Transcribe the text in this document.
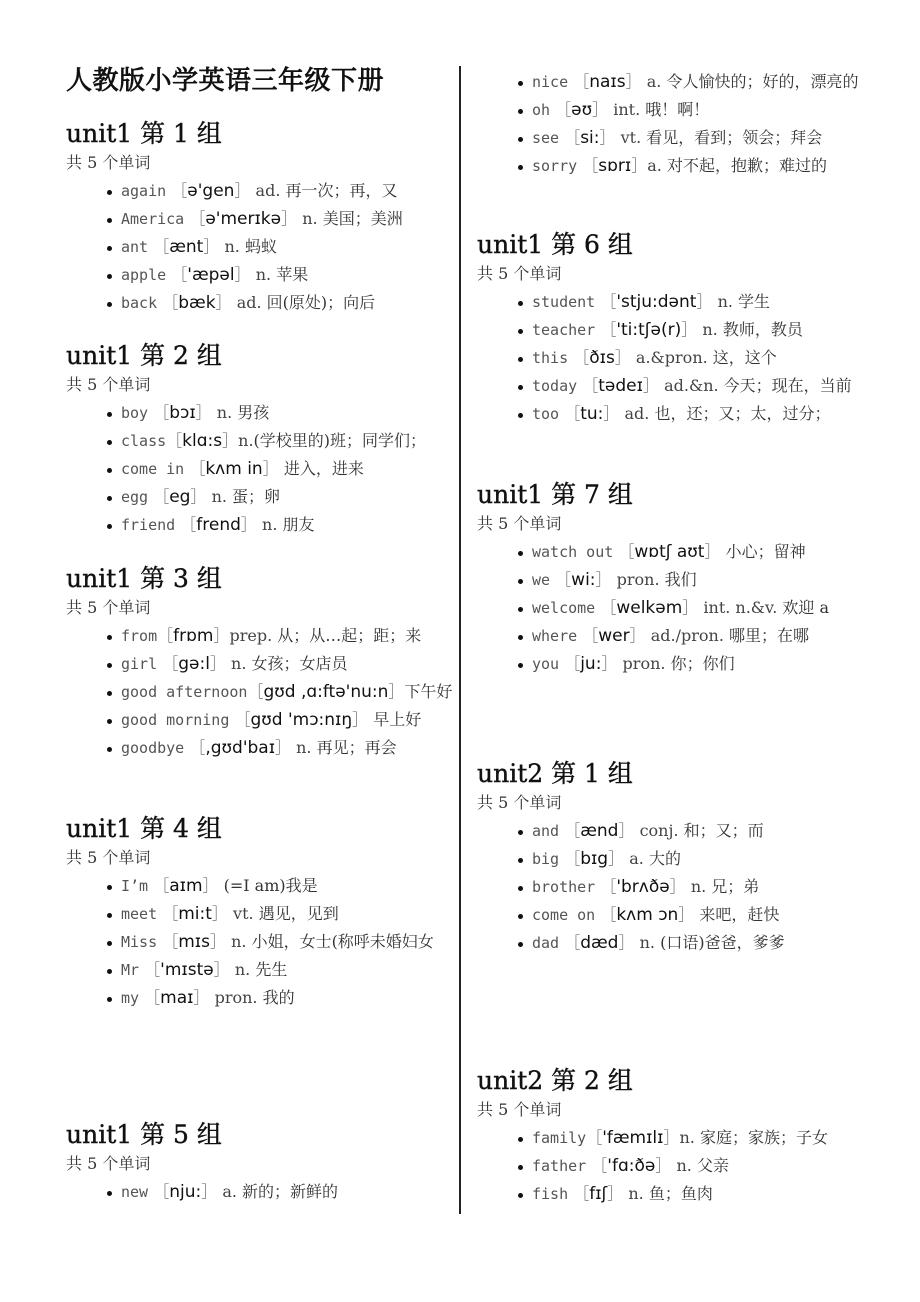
人教版小学英语三年级下册
unit1 第 1 组
共 5 个单词
again ［ə'gen］ ad. 再一次；再，又
America ［ə'merɪkə］ n. 美国；美洲
ant ［ænt］ n. 蚂蚁
apple ［'æpəl］ n. 苹果
back ［bæk］ ad. 回(原处)；向后
unit1 第 2 组
共 5 个单词
boy ［bɔɪ］ n. 男孩
class［klɑ:s］n.(学校里的)班；同学们；
come in ［kʌm in］ 进入，进来
egg ［eg］ n. 蛋；卵
friend ［frend］ n. 朋友
unit1 第 3 组
共 5 个单词
from［frɒm］prep. 从；从…起；距；来
girl ［gə:l］ n. 女孩；女店员
good afternoon［gʊd ,ɑ:ftə'nu:n］下午好
good morning ［gʊd 'mɔ:nɪŋ］ 早上好
goodbye ［,gʊd'baɪ］ n. 再见；再会
unit1 第 4 组
共 5 个单词
I’m ［aɪm］ (=I am)我是
meet ［mi:t］ vt. 遇见，见到
Miss ［mɪs］ n. 小姐，女士(称呼未婚妇女
Mr ［'mɪstə］ n. 先生
my ［maɪ］ pron. 我的
unit1 第 5 组
共 5 个单词
new ［nju:］ a. 新的；新鲜的
nice ［naɪs］ a. 令人愉快的；好的，漂亮的
oh ［əʊ］ int. 哦！啊！
see ［si:］ vt. 看见，看到；领会；拜会
sorry ［sɒrɪ］a. 对不起，抱歉；难过的
unit1 第 6 组
共 5 个单词
student ［'stju:dənt］ n. 学生
teacher ［'ti:tʃə(r)］ n. 教师，教员
this ［ðɪs］ a.&pron. 这，这个
today ［tədeɪ］ ad.&n. 今天；现在，当前
too ［tu:］ ad. 也，还；又；太，过分；
unit1 第 7 组
共 5 个单词
watch out ［wɒtʃ aʊt］ 小心；留神
we ［wi:］ pron. 我们
welcome ［welkəm］ int. n.&v. 欢迎 a
where ［wer］ ad./pron. 哪里；在哪
you ［ju:］ pron. 你；你们
unit2 第 1 组
共 5 个单词
and ［ænd］ conj. 和；又；而
big ［bɪg］ a. 大的
brother ［'brʌðə］ n. 兄；弟
come on ［kʌm ɔn］ 来吧，赶快
dad ［dæd］ n. (口语)爸爸，爹爹
unit2 第 2 组
共 5 个单词
family［'fæmɪlɪ］n. 家庭；家族；子女
father ［'fɑ:ðə］ n. 父亲
fish ［fɪʃ］ n. 鱼；鱼肉
